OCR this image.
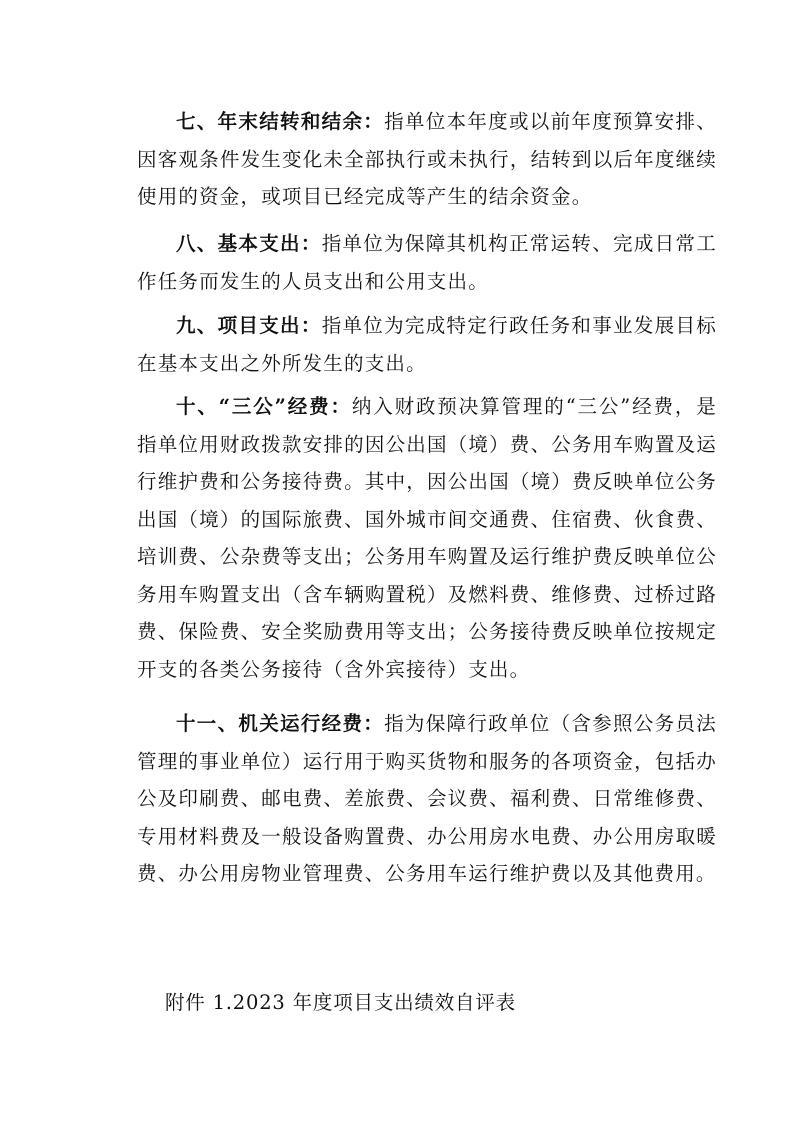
七、年末结转和结余：指单位本年度或以前年度预算安排、因客观条件发生变化未全部执行或未执行，结转到以后年度继续使用的资金，或项目已经完成等产生的结余资金。

八、基本支出：指单位为保障其机构正常运转、完成日常工作任务而发生的人员支出和公用支出。

九、项目支出：指单位为完成特定行政任务和事业发展目标在基本支出之外所发生的支出。

十、“三公”经费：纳入财政预决算管理的“三公”经费，是指单位用财政拨款安排的因公出国（境）费、公务用车购置及运行维护费和公务接待费。其中，因公出国（境）费反映单位公务出国（境）的国际旅费、国外城市间交通费、住宿费、伙食费、培训费、公杂费等支出；公务用车购置及运行维护费反映单位公务用车购置支出（含车辆购置税）及燃料费、维修费、过桥过路费、保险费、安全奖励费用等支出；公务接待费反映单位按规定开支的各类公务接待（含外宾接待）支出。

十一、机关运行经费：指为保障行政单位（含参照公务员法管理的事业单位）运行用于购买货物和服务的各项资金，包括办公及印刷费、邮电费、差旅费、会议费、福利费、日常维修费、专用材料费及一般设备购置费、办公用房水电费、办公用房取暖费、办公用房物业管理费、公务用车运行维护费以及其他费用。

附件 1.2023 年度项目支出绩效自评表
